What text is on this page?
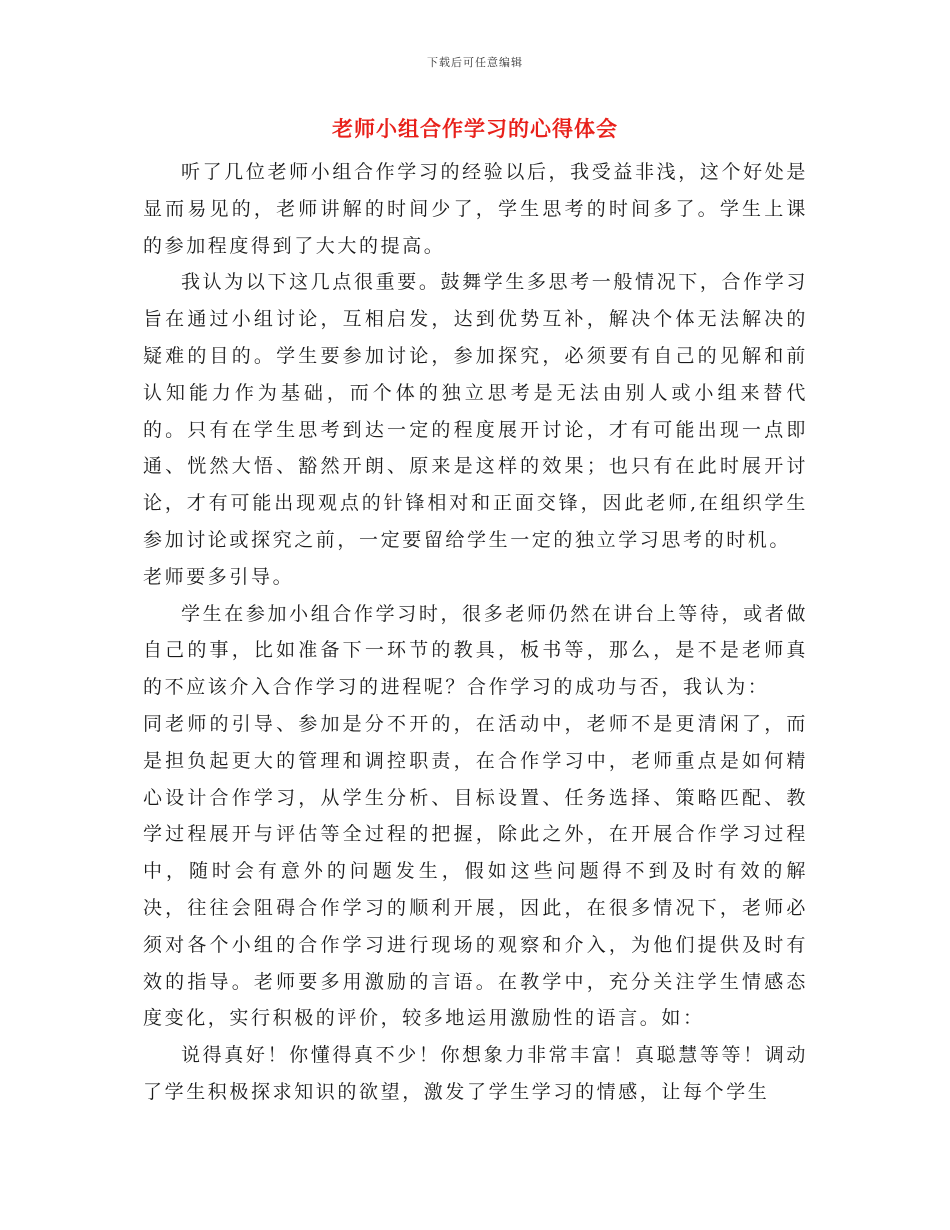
下载后可任意编辑
老师小组合作学习的心得体会

听了几位老师小组合作学习的经验以后，我受益非浅，这个好处是显而易见的，老师讲解的时间少了，学生思考的时间多了。学生上课的参加程度得到了大大的提高。

我认为以下这几点很重要。鼓舞学生多思考一般情况下，合作学习旨在通过小组讨论，互相启发，达到优势互补，解决个体无法解决的疑难的目的。学生要参加讨论，参加探究，必须要有自己的见解和前认知能力作为基础，而个体的独立思考是无法由别人或小组来替代的。只有在学生思考到达一定的程度展开讨论，才有可能出现一点即通、恍然大悟、豁然开朗、原来是这样的效果；也只有在此时展开讨论，才有可能出现观点的针锋相对和正面交锋，因此老师,在组织学生参加讨论或探究之前，一定要留给学生一定的独立学习思考的时机。

老师要多引导。

学生在参加小组合作学习时，很多老师仍然在讲台上等待，或者做自己的事，比如准备下一环节的教具，板书等，那么，是不是老师真的不应该介入合作学习的进程呢？合作学习的成功与否，我认为：

同老师的引导、参加是分不开的，在活动中，老师不是更清闲了，而是担负起更大的管理和调控职责，在合作学习中，老师重点是如何精心设计合作学习，从学生分析、目标设置、任务选择、策略匹配、教学过程展开与评估等全过程的把握，除此之外，在开展合作学习过程中，随时会有意外的问题发生，假如这些问题得不到及时有效的解决，往往会阻碍合作学习的顺利开展，因此，在很多情况下，老师必须对各个小组的合作学习进行现场的观察和介入，为他们提供及时有效的指导。老师要多用激励的言语。在教学中，充分关注学生情感态度变化，实行积极的评价，较多地运用激励性的语言。如：

说得真好！你懂得真不少！你想象力非常丰富！真聪慧等等！调动了学生积极探求知识的欲望，激发了学生学习的情感，让每个学生
